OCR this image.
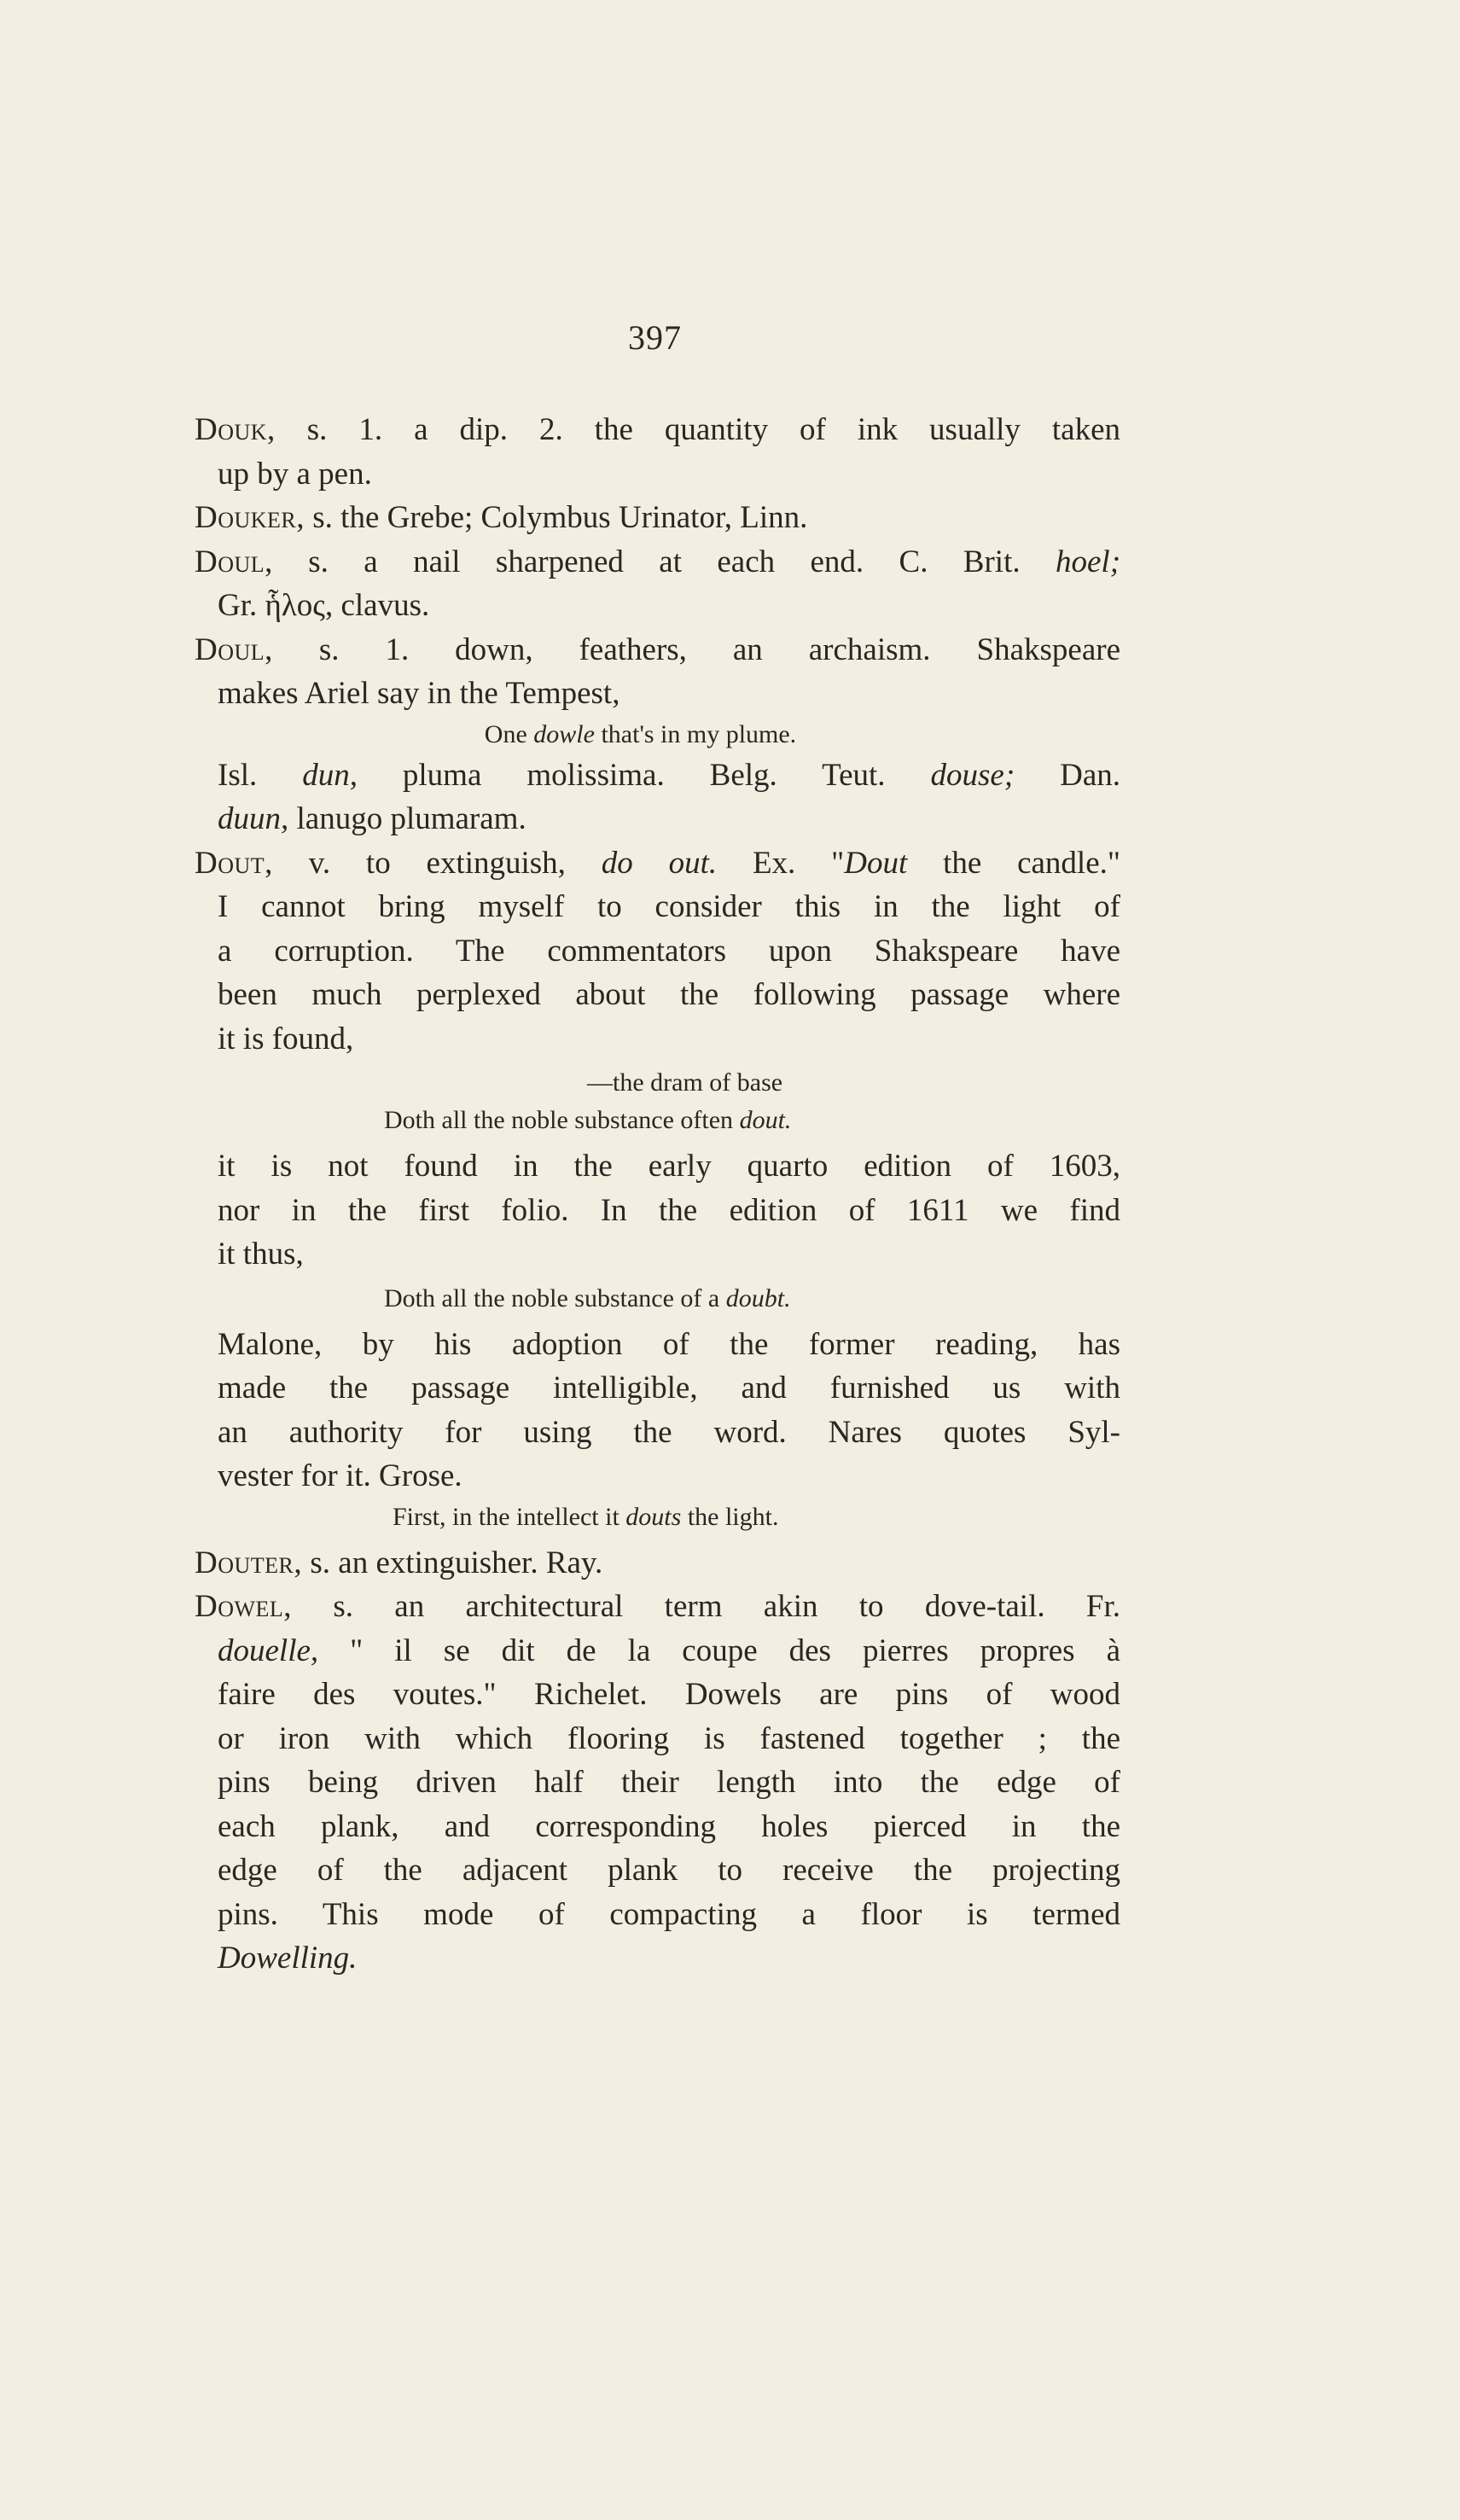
397
Douk, s. 1. a dip. 2. the quantity of ink usually taken
up by a pen.
Douker, s. the Grebe; Colymbus Urinator, Linn.
Doul, s. a nail sharpened at each end. C. Brit. hoel;
Gr. ἧλος, clavus.
Doul, s. 1. down, feathers, an archaism. Shakspeare
makes Ariel say in the Tempest,
One dowle that's in my plume.
Isl. dun, pluma molissima. Belg. Teut. douse; Dan.
duun, lanugo plumaram.
Dout, v. to extinguish, do out. Ex. "Dout the candle."
I cannot bring myself to consider this in the light of
a corruption. The commentators upon Shakspeare have
been much perplexed about the following passage where
it is found,
—the dram of base
Doth all the noble substance often dout.
it is not found in the early quarto edition of 1603,
nor in the first folio. In the edition of 1611 we find
it thus,
Doth all the noble substance of a doubt.
Malone, by his adoption of the former reading, has
made the passage intelligible, and furnished us with
an authority for using the word. Nares quotes Syl-
vester for it. Grose.
First, in the intellect it douts the light.
Douter, s. an extinguisher. Ray.
Dowel, s. an architectural term akin to dove-tail. Fr.
douelle, " il se dit de la coupe des pierres propres à
faire des voutes." Richelet. Dowels are pins of wood
or iron with which flooring is fastened together ; the
pins being driven half their length into the edge of
each plank, and corresponding holes pierced in the
edge of the adjacent plank to receive the projecting
pins. This mode of compacting a floor is termed
Dowelling.
